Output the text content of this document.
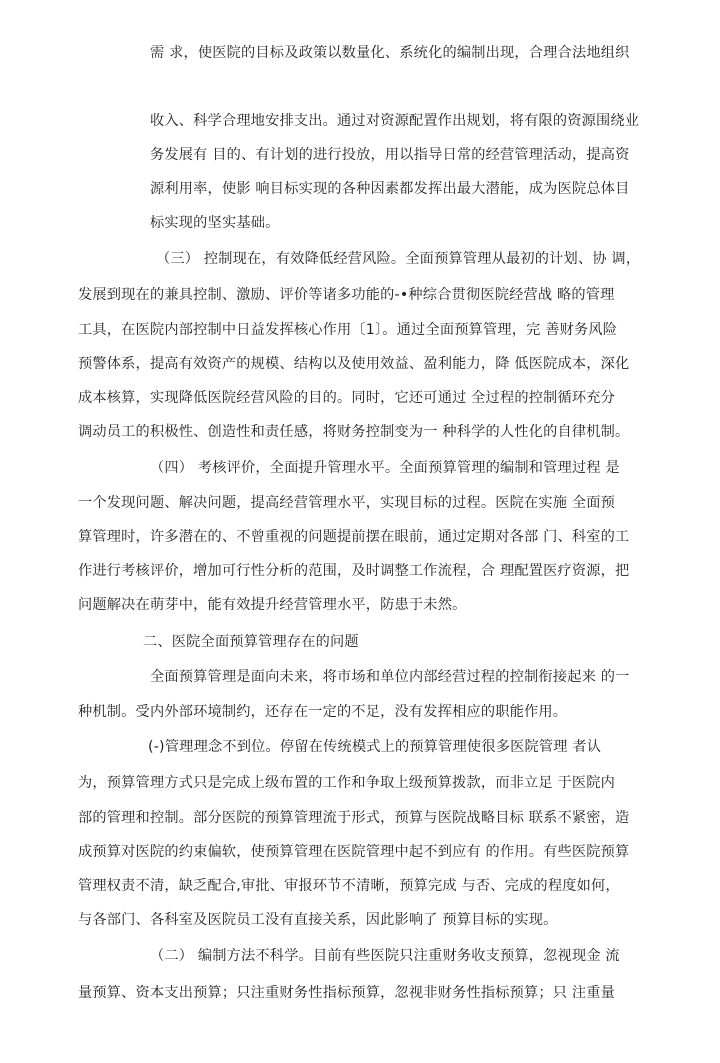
需 求，使医院的目标及政策以数量化、系统化的编制出现，合理合法地组织
收入、科学合理地安排支出。通过对资源配置作出规划，将有限的资源围绕业
务发展有 目的、有计划的进行投放，用以指导日常的经营管理活动，提高资
源利用率，使影 响目标实现的各种因素都发挥出最大潜能，成为医院总体目
标实现的坚实基础。
（三） 控制现在，有效降低经营风险。全面预算管理从最初的计划、协 调，
发展到现在的兼具控制、激励、评价等诸多功能的-•种综合贯彻医院经营战 略的管理
工具，在医院内部控制中日益发挥核心作用〔1〕。通过全面预算管理，完 善财务风险
预警体系，提高有效资产的规模、结构以及使用效益、盈利能力，降 低医院成本，深化
成本核算，实现降低医院经营风险的目的。同时，它还可通过 全过程的控制循环充分
调动员工的积极性、创造性和责任感，将财务控制变为一 种科学的人性化的自律机制。
（四） 考核评价，全面提升管理水平。全面预算管理的编制和管理过程 是
一个发现问题、解决问题，提高经营管理水平，实现目标的过程。医院在实施 全面预
算管理时，许多潜在的、不曾重视的问题提前摆在眼前，通过定期对各部 门、科室的工
作进行考核评价，增加可行性分析的范围，及时调整工作流程，合 理配置医疗资源，把
问题解决在萌芽中，能有效提升经营管理水平，防患于未然。
二、医院全面预算管理存在的问题
全面预算管理是面向未来，将市场和单位内部经营过程的控制衔接起来 的一
种机制。受内外部环境制约，还存在一定的不足，没有发挥相应的职能作用。
(-)管理理念不到位。停留在传统模式上的预算管理使很多医院管理 者认
为，预算管理方式只是完成上级布置的工作和争取上级预算拨款，而非立足 于医院内
部的管理和控制。部分医院的预算管理流于形式，预算与医院战略目标 联系不紧密，造
成预算对医院的约束偏软，使预算管理在医院管理中起不到应有 的作用。有些医院预算
管理权责不清，缺乏配合,审批、审报环节不清晰，预算完成 与否、完成的程度如何，
与各部门、各科室及医院员工没有直接关系，因此影响了 预算目标的实现。
（二） 编制方法不科学。目前有些医院只注重财务收支预算，忽视现金 流
量预算、资本支出预算；只注重财务性指标预算，忽视非财务性指标预算；只 注重量
